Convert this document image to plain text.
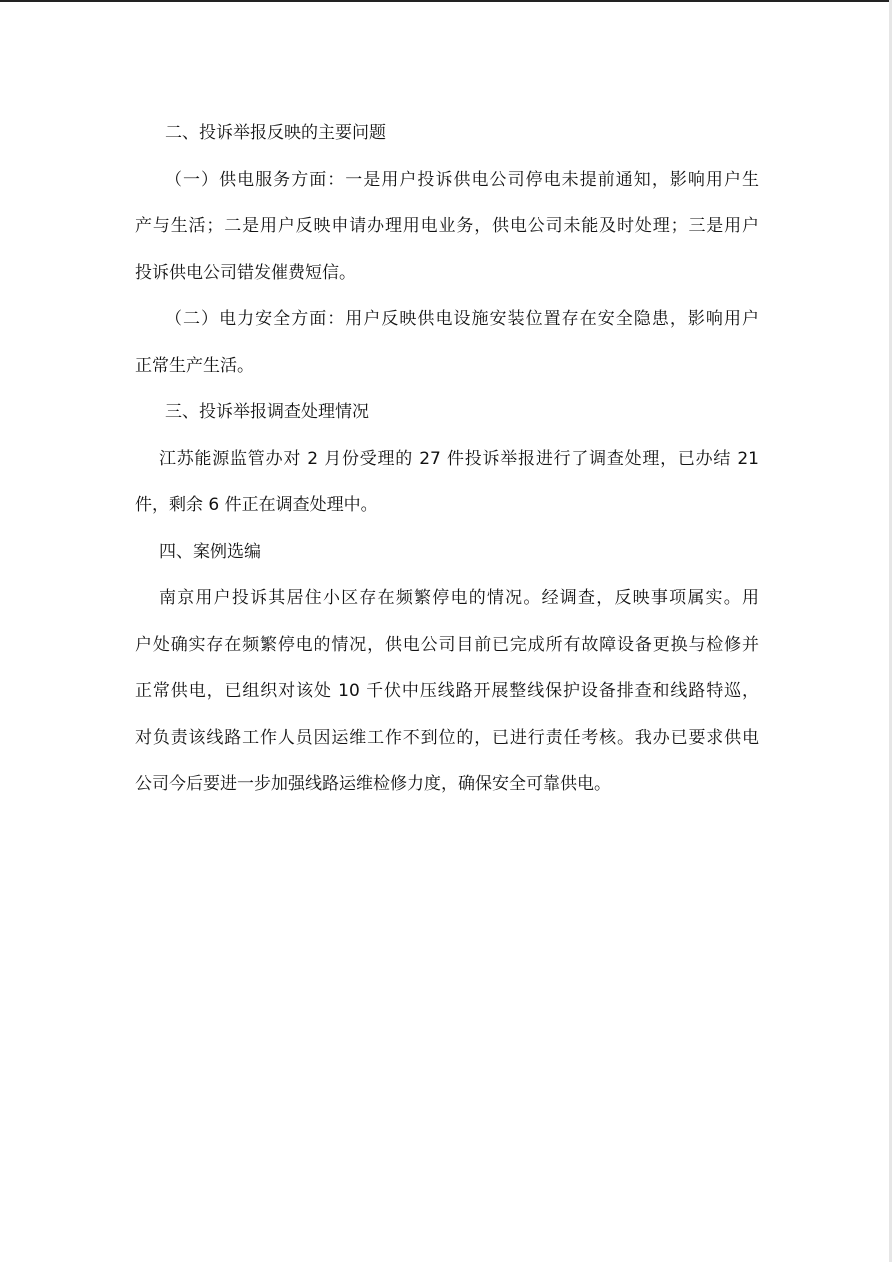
二、投诉举报反映的主要问题
（一）供电服务方面：一是用户投诉供电公司停电未提前通知，影响用户生
产与生活；二是用户反映申请办理用电业务，供电公司未能及时处理；三是用户
投诉供电公司错发催费短信。
（二）电力安全方面：用户反映供电设施安装位置存在安全隐患，影响用户
正常生产生活。
三、投诉举报调查处理情况
江苏能源监管办对 2 月份受理的 27 件投诉举报进行了调查处理，已办结 21
件，剩余 6 件正在调查处理中。
四、案例选编
南京用户投诉其居住小区存在频繁停电的情况。经调查，反映事项属实。用
户处确实存在频繁停电的情况，供电公司目前已完成所有故障设备更换与检修并
正常供电，已组织对该处 10 千伏中压线路开展整线保护设备排查和线路特巡，
对负责该线路工作人员因运维工作不到位的，已进行责任考核。我办已要求供电
公司今后要进一步加强线路运维检修力度，确保安全可靠供电。
